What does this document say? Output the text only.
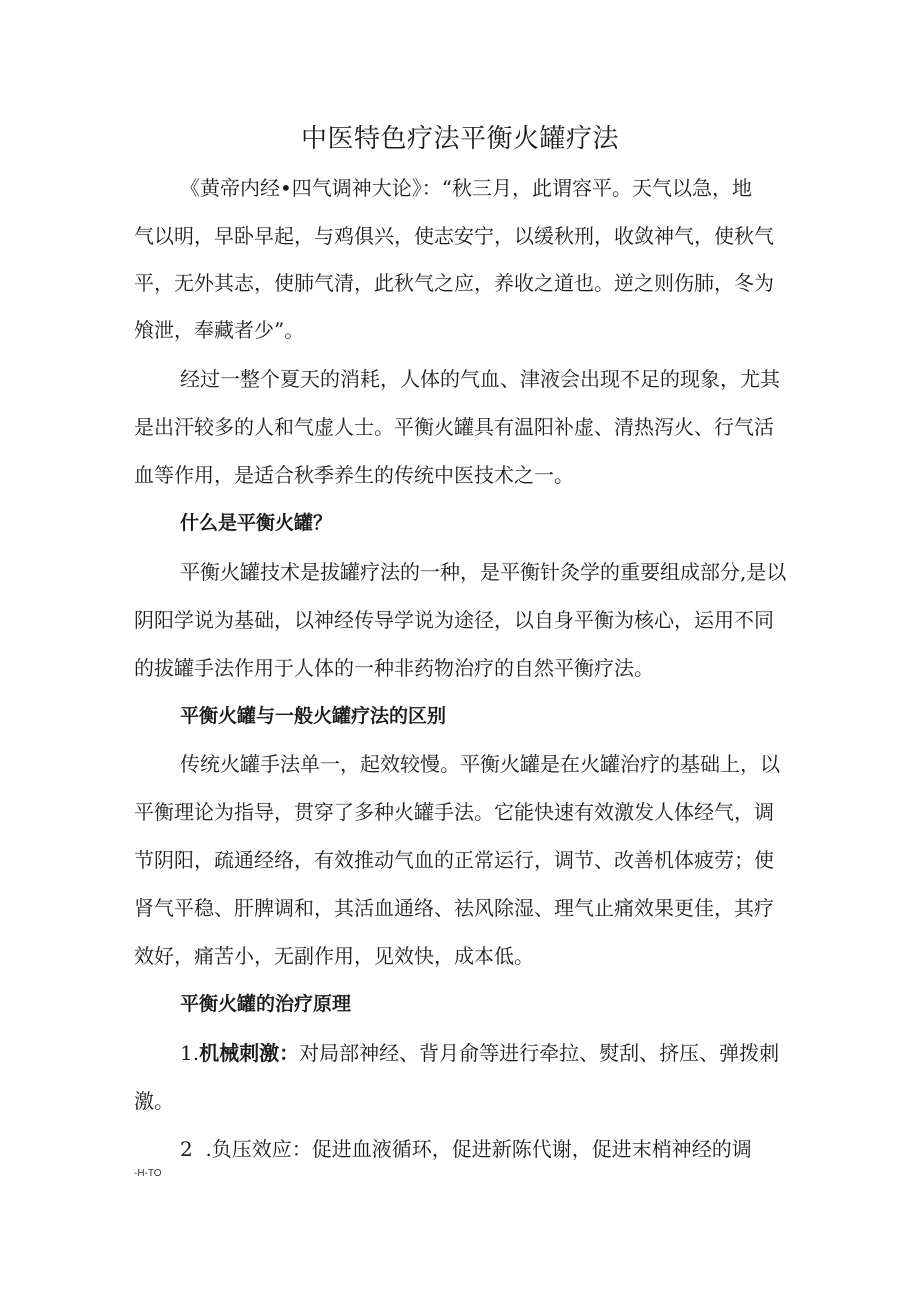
中医特色疗法平衡火罐疗法
《黄帝内经•四气调神大论》：“秋三月，此谓容平。天气以急，地
气以明，早卧早起，与鸡俱兴，使志安宁，以缓秋刑，收敛神气，使秋气
平，无外其志，使肺气清，此秋气之应，养收之道也。逆之则伤肺，冬为
飧泄，奉藏者少”。
经过一整个夏天的消耗，人体的气血、津液会出现不足的现象，尤其
是出汗较多的人和气虚人士。平衡火罐具有温阳补虚、清热泻火、行气活
血等作用，是适合秋季养生的传统中医技术之一。
什么是平衡火罐？
平衡火罐技术是拔罐疗法的一种，是平衡针灸学的重要组成部分,是以
阴阳学说为基础，以神经传导学说为途径，以自身平衡为核心，运用不同
的拔罐手法作用于人体的一种非药物治疗的自然平衡疗法。
平衡火罐与一般火罐疗法的区别
传统火罐手法单一，起效较慢。平衡火罐是在火罐治疗的基础上，以
平衡理论为指导，贯穿了多种火罐手法。它能快速有效激发人体经气，调
节阴阳，疏通经络，有效推动气血的正常运行，调节、改善机体疲劳；使
肾气平稳、肝脾调和，其活血通络、祛风除湿、理气止痛效果更佳，其疗
效好，痛苦小，无副作用，见效快，成本低。
平衡火罐的治疗原理
1.机械刺激：对局部神经、背月俞等进行牵拉、熨刮、挤压、弹拨刺
激。
2  .负压效应：促进血液循环，促进新陈代谢，促进末梢神经的调
-H-TO
